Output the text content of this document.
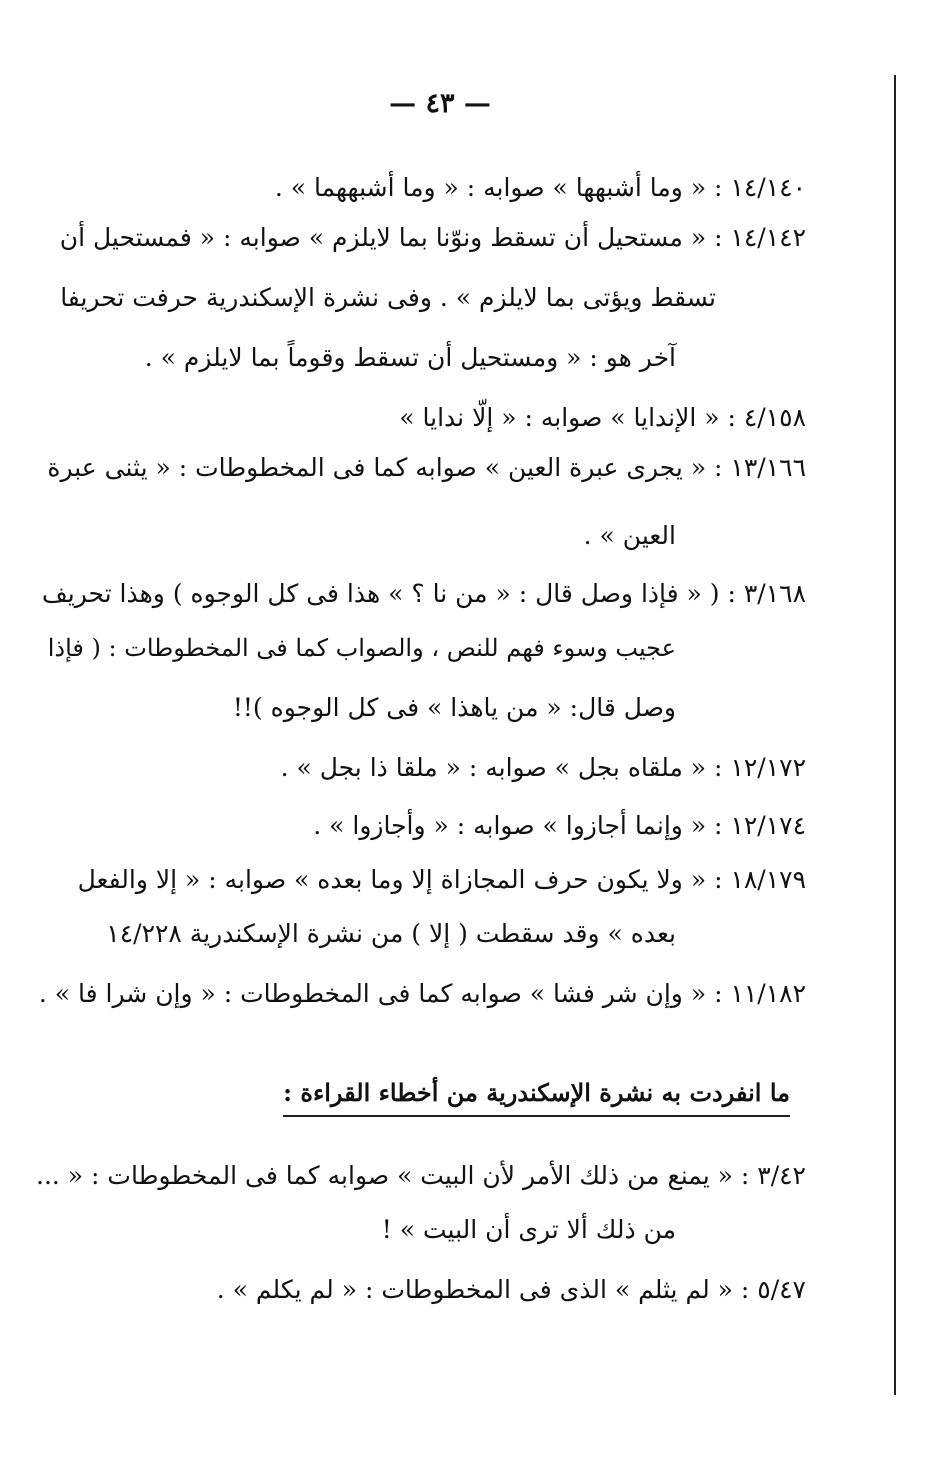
— ٤٣ —
١٤/١٤٠ : « وما أشبهها » صوابه : « وما أشبههما » .
١٤/١٤٢ : « مستحيل أن تسقط ونوّنا بما لايلزم » صوابه : « فمستحيل أن
تسقط ويؤتى بما لايلزم » . وفى نشرة الإسكندرية حرفت تحريفا
آخر هو : « ومستحيل أن تسقط وقوماً بما لايلزم » .
٤/١٥٨ : « الإندايا » صوابه : « إلّا ندايا »
١٣/١٦٦ : « يجرى عبرة العين » صوابه كما فى المخطوطات : « يثنى عبرة
العين » .
٣/١٦٨ : ( « فإذا وصل قال : « من نا ؟ » هذا فى كل الوجوه ) وهذا تحريف
عجيب وسوء فهم للنص ، والصواب كما فى المخطوطات : ( فإذا
وصل قال: « من ياهذا » فى كل الوجوه )!!
١٢/١٧٢ : « ملقاه بجل » صوابه : « ملقا ذا بجل » .
١٢/١٧٤ : « وإنما أجازوا » صوابه : « وأجازوا » .
١٨/١٧٩ : « ولا يكون حرف المجازاة إلا وما بعده » صوابه : « إلا والفعل
بعده » وقد سقطت ( إلا ) من نشرة الإسكندرية ١٤/٢٢٨
١١/١٨٢ : « وإن شر فشا » صوابه كما فى المخطوطات : « وإن شرا فا » .
ما انفردت به نشرة الإسكندرية من أخطاء القراءة :
٣/٤٢ : « يمنع من ذلك الأمر لأن البيت » صوابه كما فى المخطوطات : « ...
من ذلك ألا ترى أن البيت » !
٥/٤٧ : « لم يثلم » الذى فى المخطوطات : « لم يكلم » .
